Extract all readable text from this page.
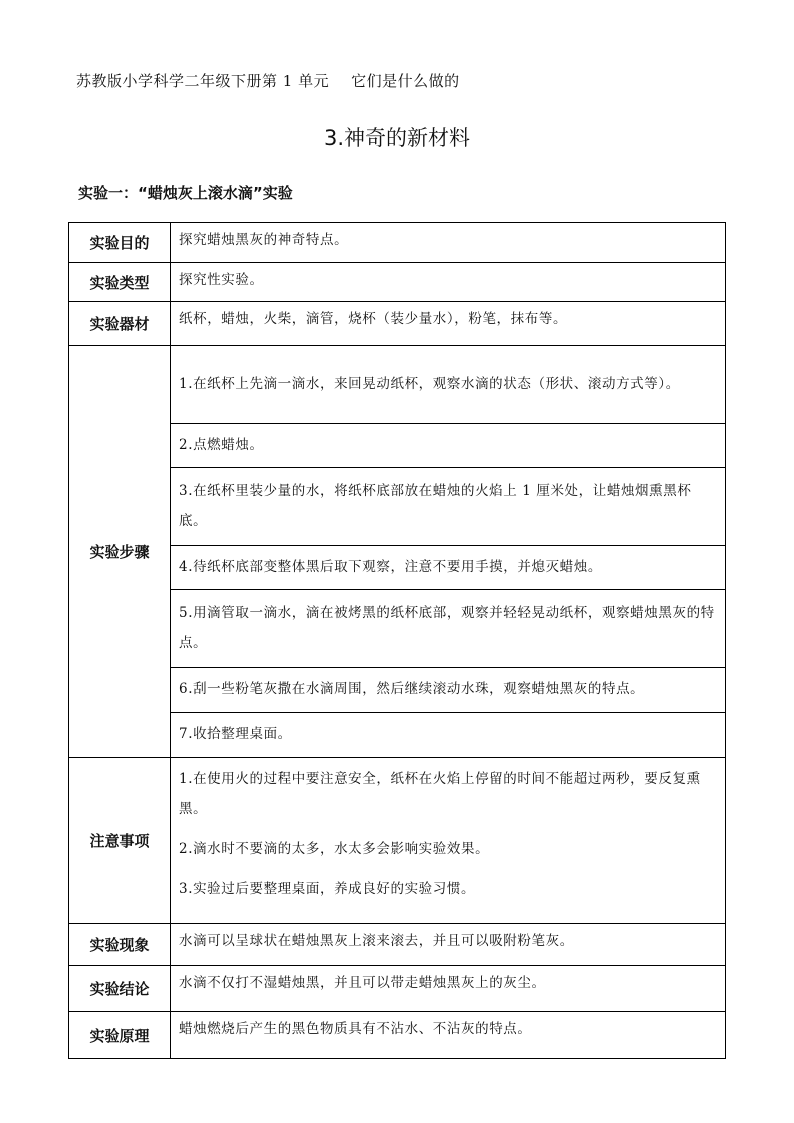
苏教版小学科学二年级下册第 1 单元 它们是什么做的
3.神奇的新材料
实验一：“蜡烛灰上滚水滴”实验
实验目的	探究蜡烛黑灰的神奇特点。
实验类型	探究性实验。
实验器材	纸杯，蜡烛，火柴，滴管，烧杯（装少量水），粉笔，抹布等。
实验步骤	1.在纸杯上先滴一滴水，来回晃动纸杯，观察水滴的状态（形状、滚动方式等）。
	2.点燃蜡烛。
	3.在纸杯里装少量的水，将纸杯底部放在蜡烛的火焰上 1 厘米处，让蜡烛烟熏黑杯底。
	4.待纸杯底部变整体黑后取下观察，注意不要用手摸，并熄灭蜡烛。
	5.用滴管取一滴水，滴在被烤黑的纸杯底部，观察并轻轻晃动纸杯，观察蜡烛黑灰的特点。
	6.刮一些粉笔灰撒在水滴周围，然后继续滚动水珠，观察蜡烛黑灰的特点。
	7.收拾整理桌面。
注意事项	1.在使用火的过程中要注意安全，纸杯在火焰上停留的时间不能超过两秒，要反复熏黑。
2.滴水时不要滴的太多，水太多会影响实验效果。
3.实验过后要整理桌面，养成良好的实验习惯。

实验现象	水滴可以呈球状在蜡烛黑灰上滚来滚去，并且可以吸附粉笔灰。
实验结论	水滴不仅打不湿蜡烛黑，并且可以带走蜡烛黑灰上的灰尘。
实验原理	蜡烛燃烧后产生的黑色物质具有不沾水、不沾灰的特点。
